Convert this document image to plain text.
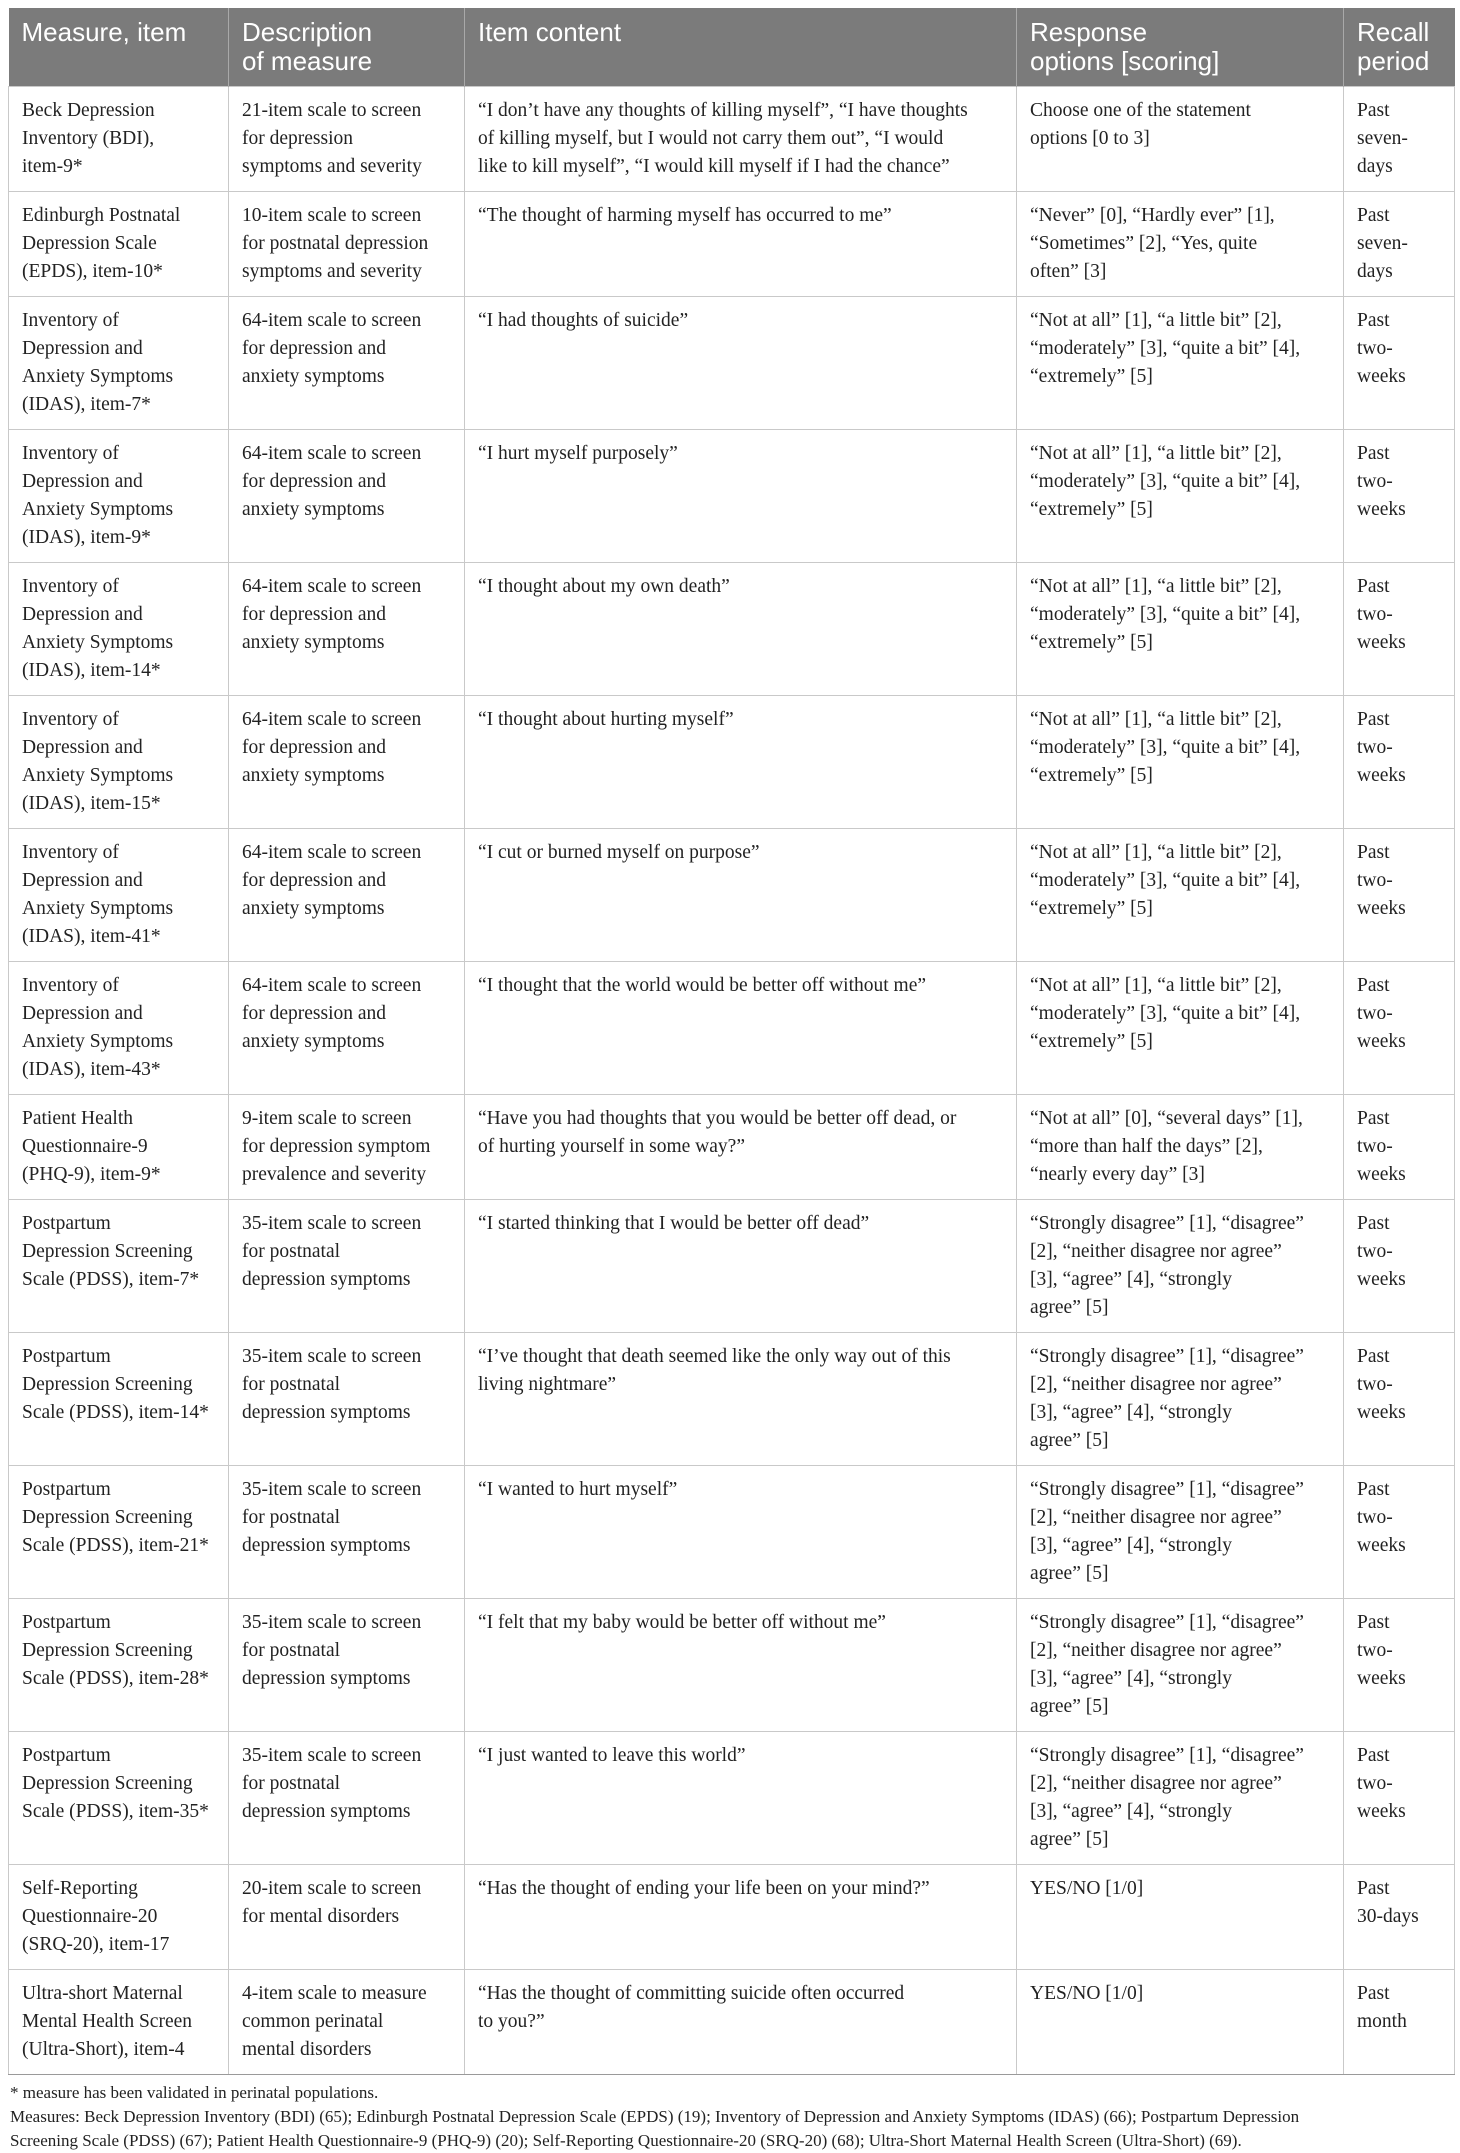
Measure, item	Description
of measure	Item content	Response
options [scoring]	Recall
period
Beck Depression
Inventory (BDI),
item-9*	21-item scale to screen
for depression
symptoms and severity	“I don’t have any thoughts of killing myself”, “I have thoughts
of killing myself, but I would not carry them out”, “I would
like to kill myself”, “I would kill myself if I had the chance”	Choose one of the statement
options [0 to 3]	Past
seven-
days
Edinburgh Postnatal
Depression Scale
(EPDS), item-10*	10-item scale to screen
for postnatal depression
symptoms and severity	“The thought of harming myself has occurred to me”	“Never” [0], “Hardly ever” [1],
“Sometimes” [2], “Yes, quite
often” [3]	Past
seven-
days
Inventory of
Depression and
Anxiety Symptoms
(IDAS), item-7*	64-item scale to screen
for depression and
anxiety symptoms	“I had thoughts of suicide”	“Not at all” [1], “a little bit” [2],
“moderately” [3], “quite a bit” [4],
“extremely” [5]	Past
two-
weeks
Inventory of
Depression and
Anxiety Symptoms
(IDAS), item-9*	64-item scale to screen
for depression and
anxiety symptoms	“I hurt myself purposely”	“Not at all” [1], “a little bit” [2],
“moderately” [3], “quite a bit” [4],
“extremely” [5]	Past
two-
weeks
Inventory of
Depression and
Anxiety Symptoms
(IDAS), item-14*	64-item scale to screen
for depression and
anxiety symptoms	“I thought about my own death”	“Not at all” [1], “a little bit” [2],
“moderately” [3], “quite a bit” [4],
“extremely” [5]	Past
two-
weeks
Inventory of
Depression and
Anxiety Symptoms
(IDAS), item-15*	64-item scale to screen
for depression and
anxiety symptoms	“I thought about hurting myself”	“Not at all” [1], “a little bit” [2],
“moderately” [3], “quite a bit” [4],
“extremely” [5]	Past
two-
weeks
Inventory of
Depression and
Anxiety Symptoms
(IDAS), item-41*	64-item scale to screen
for depression and
anxiety symptoms	“I cut or burned myself on purpose”	“Not at all” [1], “a little bit” [2],
“moderately” [3], “quite a bit” [4],
“extremely” [5]	Past
two-
weeks
Inventory of
Depression and
Anxiety Symptoms
(IDAS), item-43*	64-item scale to screen
for depression and
anxiety symptoms	“I thought that the world would be better off without me”	“Not at all” [1], “a little bit” [2],
“moderately” [3], “quite a bit” [4],
“extremely” [5]	Past
two-
weeks
Patient Health
Questionnaire-9
(PHQ-9), item-9*	9-item scale to screen
for depression symptom
prevalence and severity	“Have you had thoughts that you would be better off dead, or
of hurting yourself in some way?”	“Not at all” [0], “several days” [1],
“more than half the days” [2],
“nearly every day” [3]	Past
two-
weeks
Postpartum
Depression Screening
Scale (PDSS), item-7*	35-item scale to screen
for postnatal
depression symptoms	“I started thinking that I would be better off dead”	“Strongly disagree” [1], “disagree”
[2], “neither disagree nor agree”
[3], “agree” [4], “strongly
agree” [5]	Past
two-
weeks
Postpartum
Depression Screening
Scale (PDSS), item-14*	35-item scale to screen
for postnatal
depression symptoms	“I’ve thought that death seemed like the only way out of this
living nightmare”	“Strongly disagree” [1], “disagree”
[2], “neither disagree nor agree”
[3], “agree” [4], “strongly
agree” [5]	Past
two-
weeks
Postpartum
Depression Screening
Scale (PDSS), item-21*	35-item scale to screen
for postnatal
depression symptoms	“I wanted to hurt myself”	“Strongly disagree” [1], “disagree”
[2], “neither disagree nor agree”
[3], “agree” [4], “strongly
agree” [5]	Past
two-
weeks
Postpartum
Depression Screening
Scale (PDSS), item-28*	35-item scale to screen
for postnatal
depression symptoms	“I felt that my baby would be better off without me”	“Strongly disagree” [1], “disagree”
[2], “neither disagree nor agree”
[3], “agree” [4], “strongly
agree” [5]	Past
two-
weeks
Postpartum
Depression Screening
Scale (PDSS), item-35*	35-item scale to screen
for postnatal
depression symptoms	“I just wanted to leave this world”	“Strongly disagree” [1], “disagree”
[2], “neither disagree nor agree”
[3], “agree” [4], “strongly
agree” [5]	Past
two-
weeks
Self-Reporting
Questionnaire-20
(SRQ-20), item-17	20-item scale to screen
for mental disorders	“Has the thought of ending your life been on your mind?”	YES/NO [1/0]	Past
30-days
Ultra-short Maternal
Mental Health Screen
(Ultra-Short), item-4	4-item scale to measure
common perinatal
mental disorders	“Has the thought of committing suicide often occurred
to you?”	YES/NO [1/0]	Past
month

* measure has been validated in perinatal populations.

Measures: Beck Depression Inventory (BDI) (65); Edinburgh Postnatal Depression Scale (EPDS) (19); Inventory of Depression and Anxiety Symptoms (IDAS) (66); Postpartum Depression
Screening Scale (PDSS) (67); Patient Health Questionnaire-9 (PHQ-9) (20); Self-Reporting Questionnaire-20 (SRQ-20) (68); Ultra-Short Maternal Health Screen (Ultra-Short) (69).
